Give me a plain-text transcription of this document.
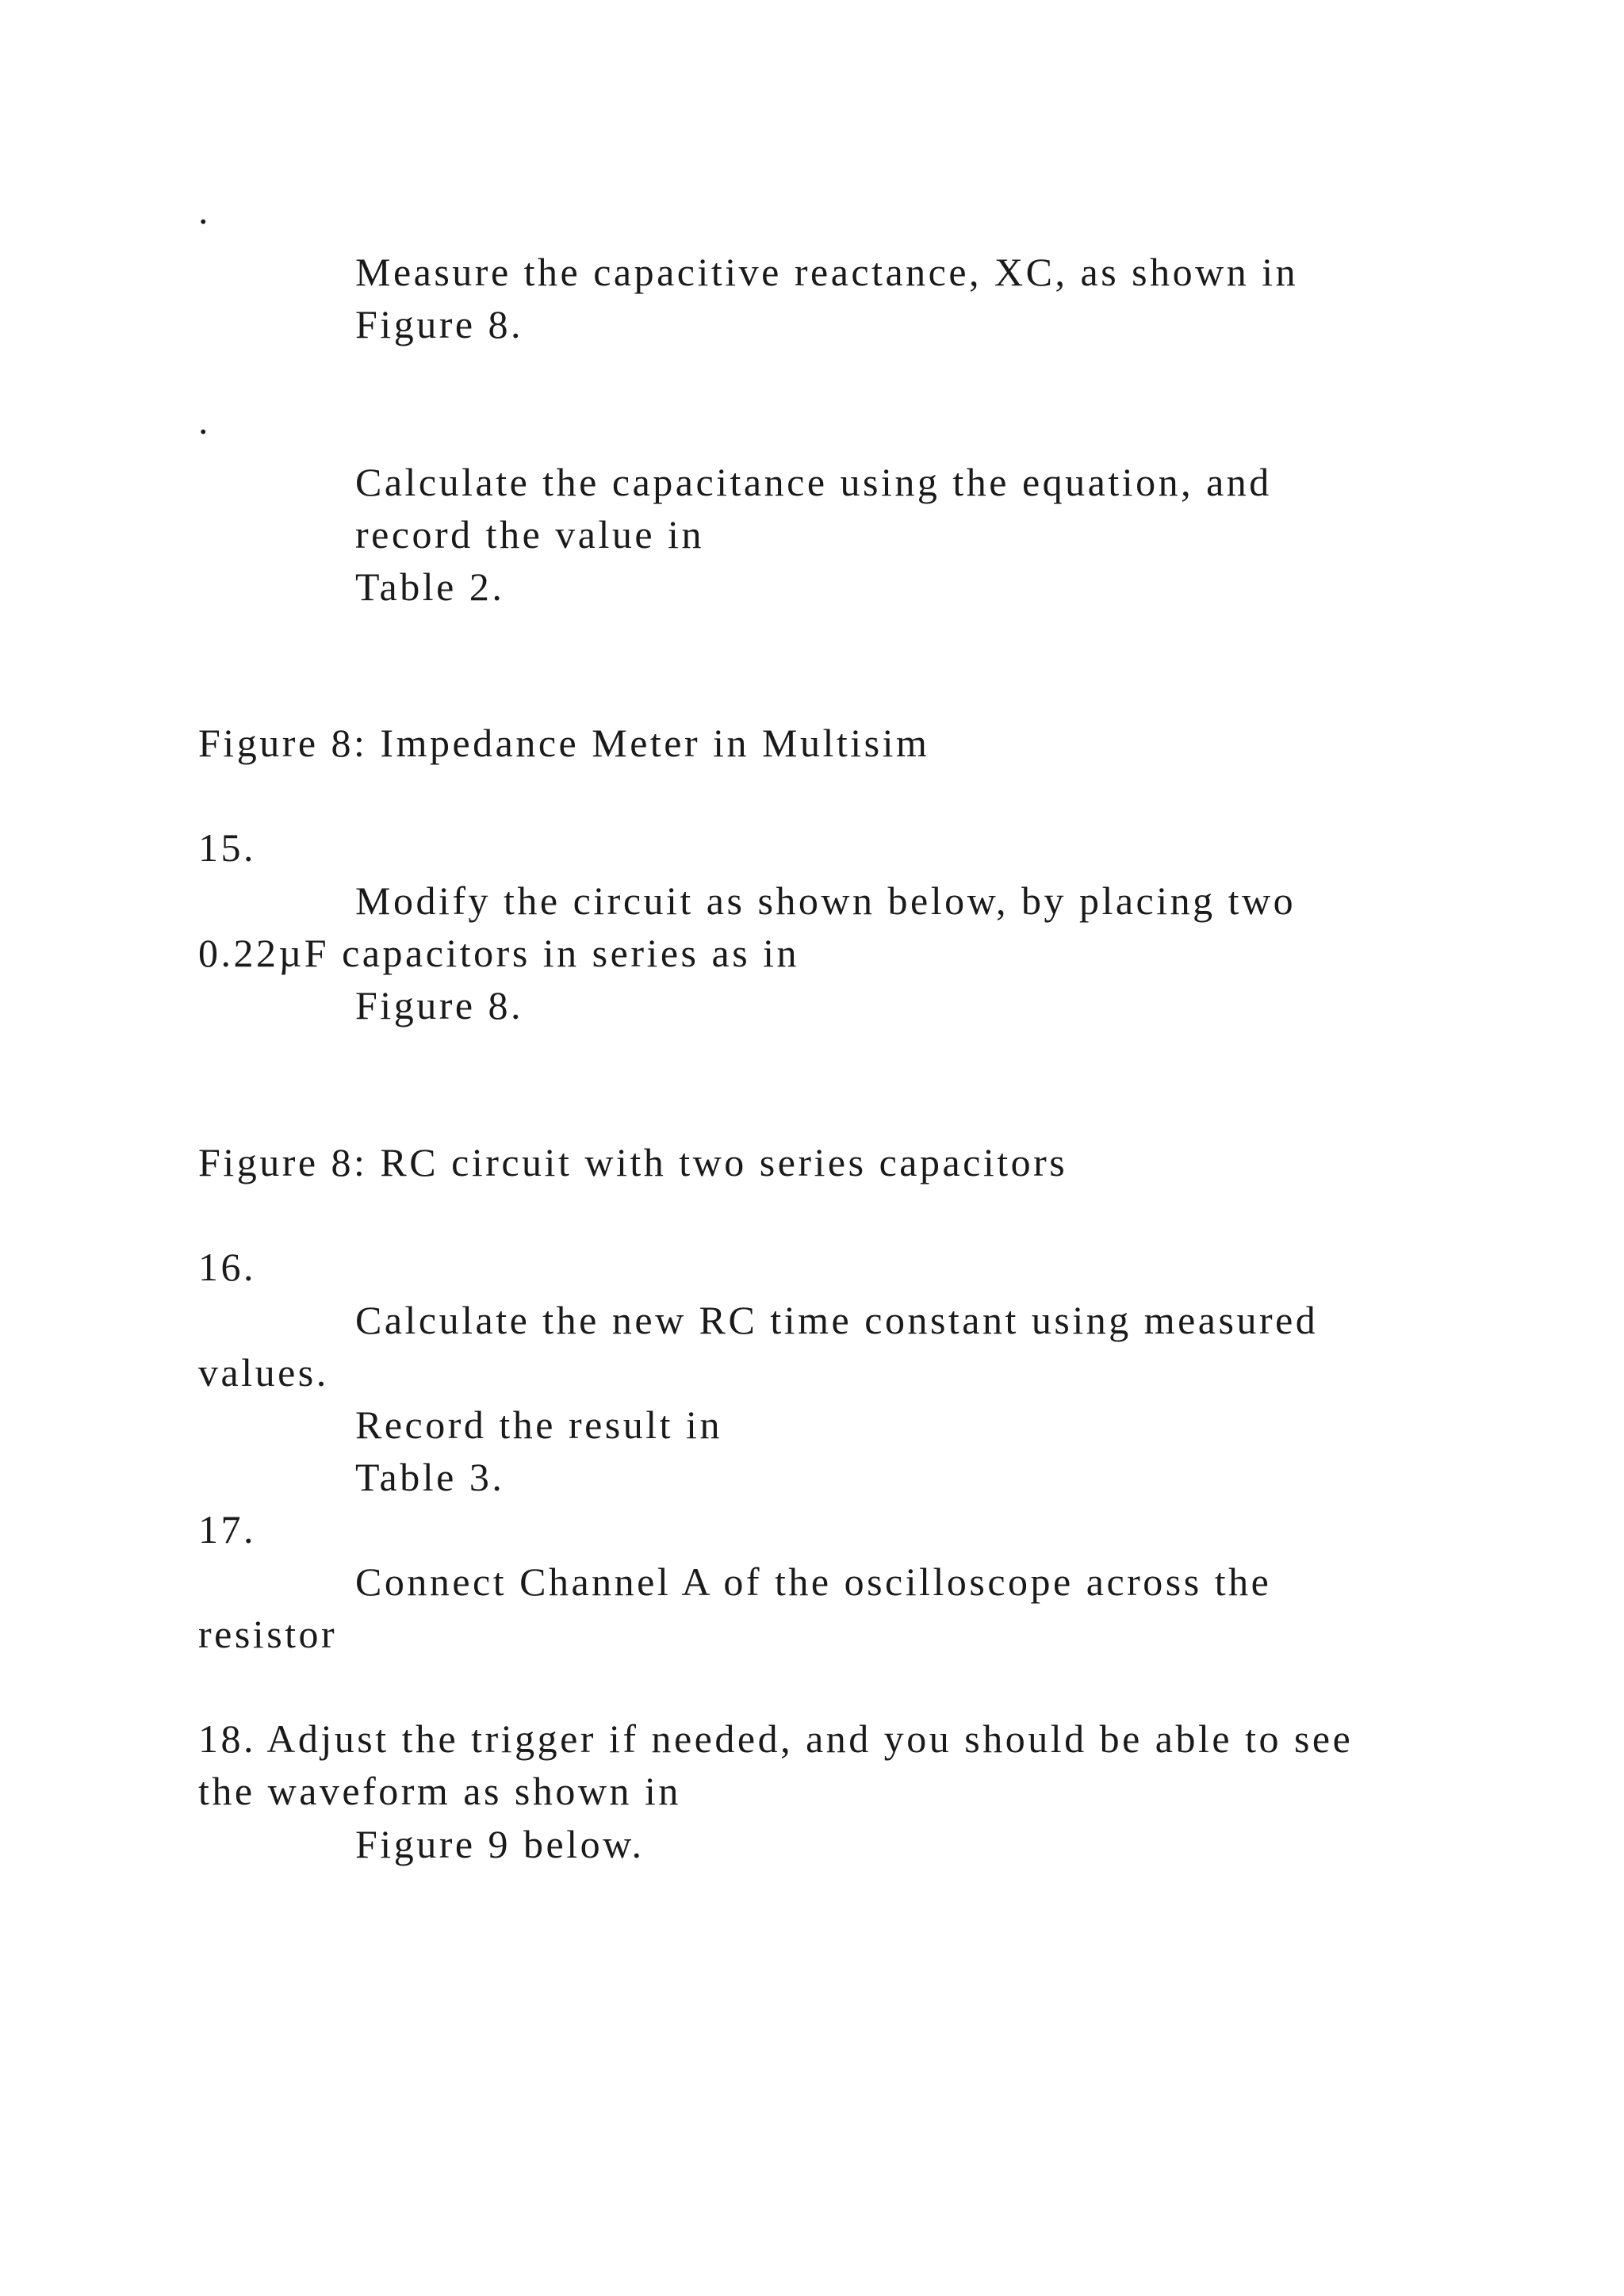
.

Measure the capacitive reactance, XC, as shown in

Figure 8.

.

Calculate the capacitance using the equation, and

record the value in

Table 2.

Figure 8: Impedance Meter in Multisim

15.

Modify the circuit as shown below, by placing two

0.22µF capacitors in series as in

Figure 8.

Figure 8: RC circuit with two series capacitors

16.

Calculate the new RC time constant using measured

values.

Record the result in

Table 3.

17.

Connect Channel A of the oscilloscope across the

resistor

18. Adjust the trigger if needed, and you should be able to see

the waveform as shown in

Figure 9 below.
